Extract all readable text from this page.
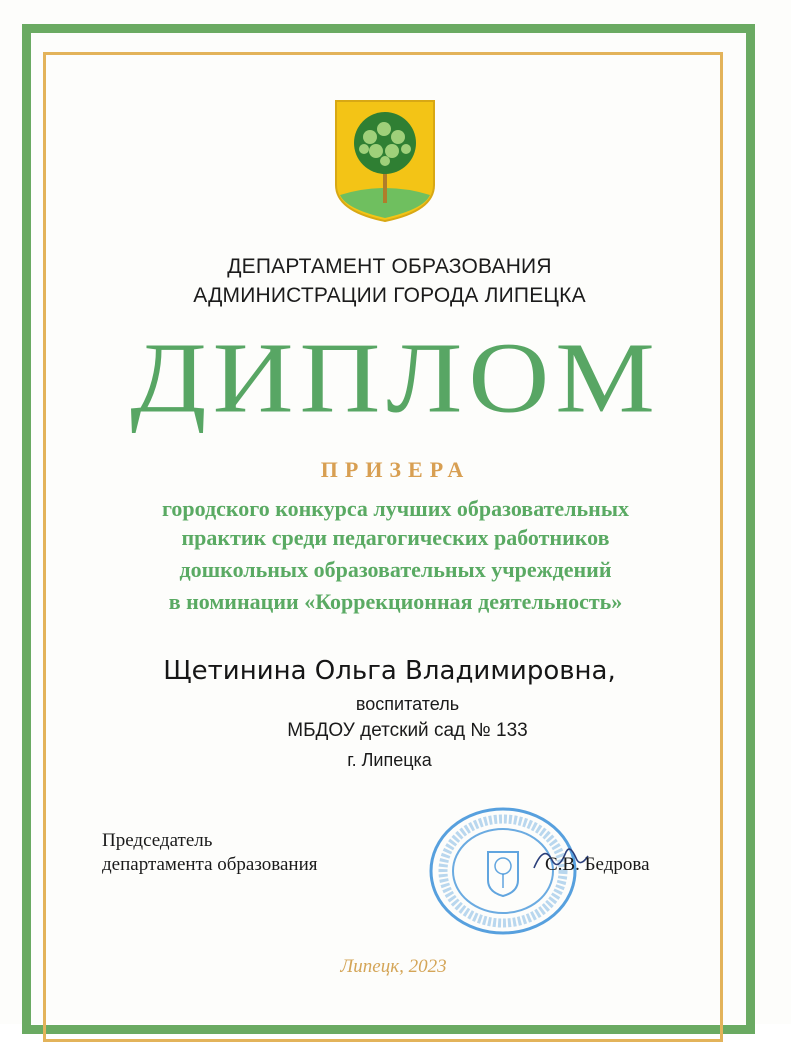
ДЕПАРТАМЕНТ ОБРАЗОВАНИЯ
АДМИНИСТРАЦИИ ГОРОДА ЛИПЕЦКА
ДИПЛОМ
ПРИЗЕРА
городского конкурса лучших образовательных
практик среди педагогических работников
дошкольных образовательных учреждений
в номинации «Коррекционная деятельность»
Щетинина Ольга Владимировна,
воспитатель
МБДОУ детский сад № 133
г. Липецка
Председатель
департамента образования	С.В. Бедрова
Липецк, 2023
